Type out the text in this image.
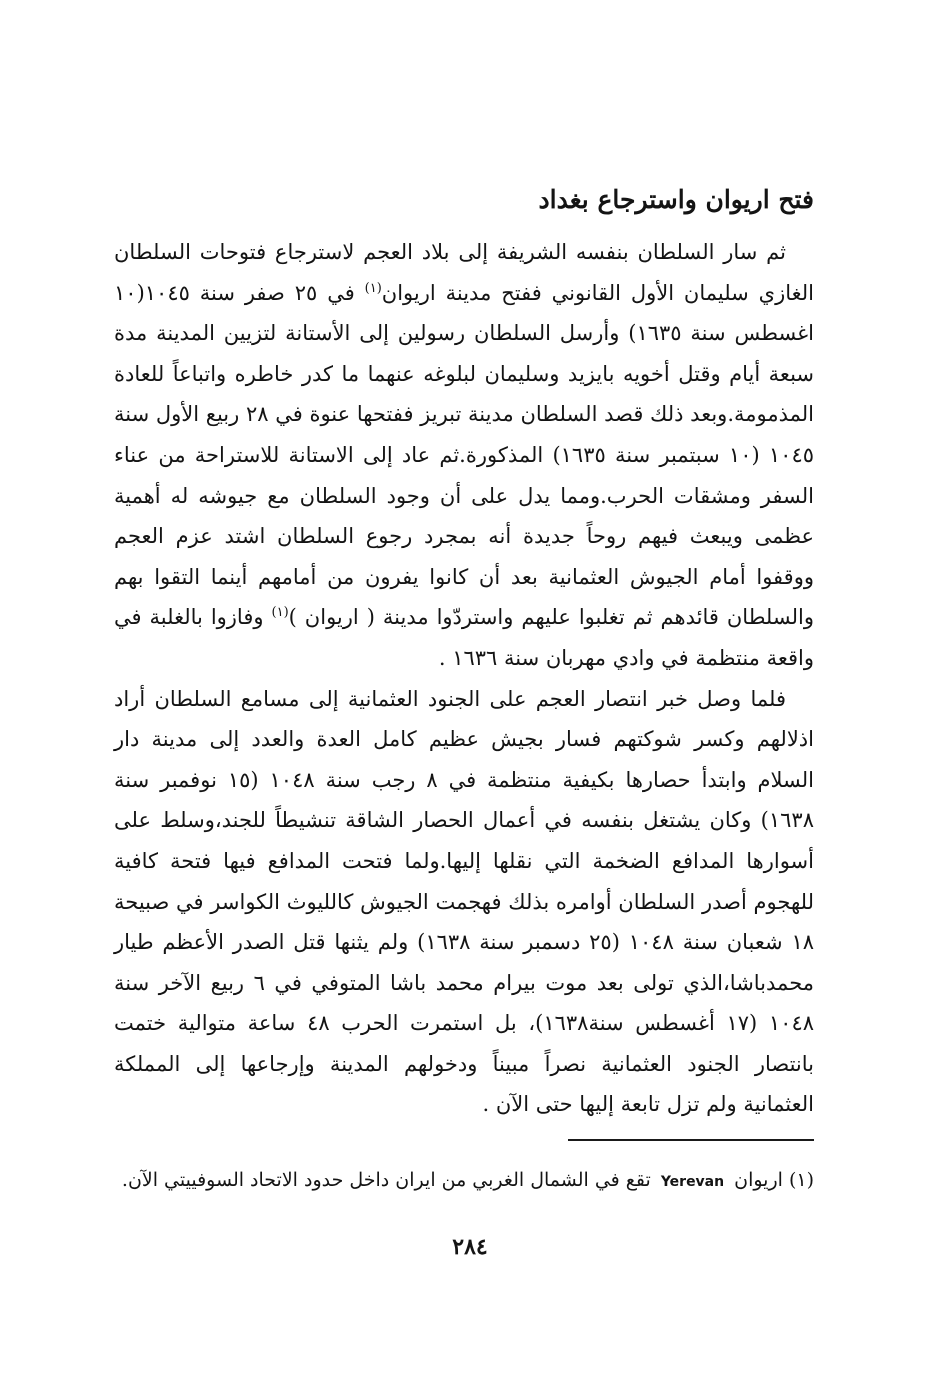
فتح اريوان واسترجاع بغداد

ثم سار السلطان بنفسه الشريفة إلى بلاد العجم لاسترجاع فتوحات السلطان الغازي سليمان الأول القانوني ففتح مدينة اريوان$^{(١)}$ في ٢٥ صفر سنة ١٠٤٥(١٠ اغسطس سنة ١٦٣٥) وأرسل السلطان رسولين إلى الأستانة لتزيين المدينة مدة سبعة أيام وقتل أخويه بايزيد وسليمان لبلوغه عنهما ما كدر خاطره واتباعاً للعادة المذمومة.وبعد ذلك قصد السلطان مدينة تبريز ففتحها عنوة في ٢٨ ربيع الأول سنة ١٠٤٥ (١٠ سبتمبر سنة ١٦٣٥) المذكورة.ثم عاد إلى الاستانة للاستراحة من عناء السفر ومشقات الحرب.ومما يدل على أن وجود السلطان مع جيوشه له أهمية عظمى ويبعث فيهم روحاً جديدة أنه بمجرد رجوع السلطان اشتد عزم العجم ووقفوا أمام الجيوش العثمانية بعد أن كانوا يفرون من أمامهم أينما التقوا بهم والسلطان قائدهم ثم تغلبوا عليهم واستردّوا مدينة ( اريوان )$^{(١)}$ وفازوا بالغلبة في واقعة منتظمة في وادي مهربان سنة ١٦٣٦ .

فلما وصل خبر انتصار العجم على الجنود العثمانية إلى مسامع السلطان أراد اذلالهم وكسر شوكتهم فسار بجيش عظيم كامل العدة والعدد إلى مدينة دار السلام وابتدأ حصارها بكيفية منتظمة في ٨ رجب سنة ١٠٤٨ (١٥ نوفمبر سنة ١٦٣٨) وكان يشتغل بنفسه في أعمال الحصار الشاقة تنشيطاً للجند،وسلط على أسوارها المدافع الضخمة التي نقلها إليها.ولما فتحت المدافع فيها فتحة كافية للهجوم أصدر السلطان أوامره بذلك فهجمت الجيوش كالليوث الكواسر في صبيحة ١٨ شعبان سنة ١٠٤٨ (٢٥ دسمبر سنة ١٦٣٨) ولم يثنها قتل الصدر الأعظم طيار محمدباشا،الذي تولى بعد موت بيرام محمد باشا المتوفي في ٦ ربيع الآخر سنة ١٠٤٨ (١٧ أغسطس سنة١٦٣٨)، بل استمرت الحرب ٤٨ ساعة متوالية ختمت بانتصار الجنود العثمانية نصراً مبيناً ودخولهم المدينة وإرجاعها إلى المملكة العثمانية ولم تزل تابعة إليها حتى الآن .

(١) اريوانYerevanتقع في الشمال الغربي من ايران داخل حدود الاتحاد السوفييتي الآن.

٢٨٤
